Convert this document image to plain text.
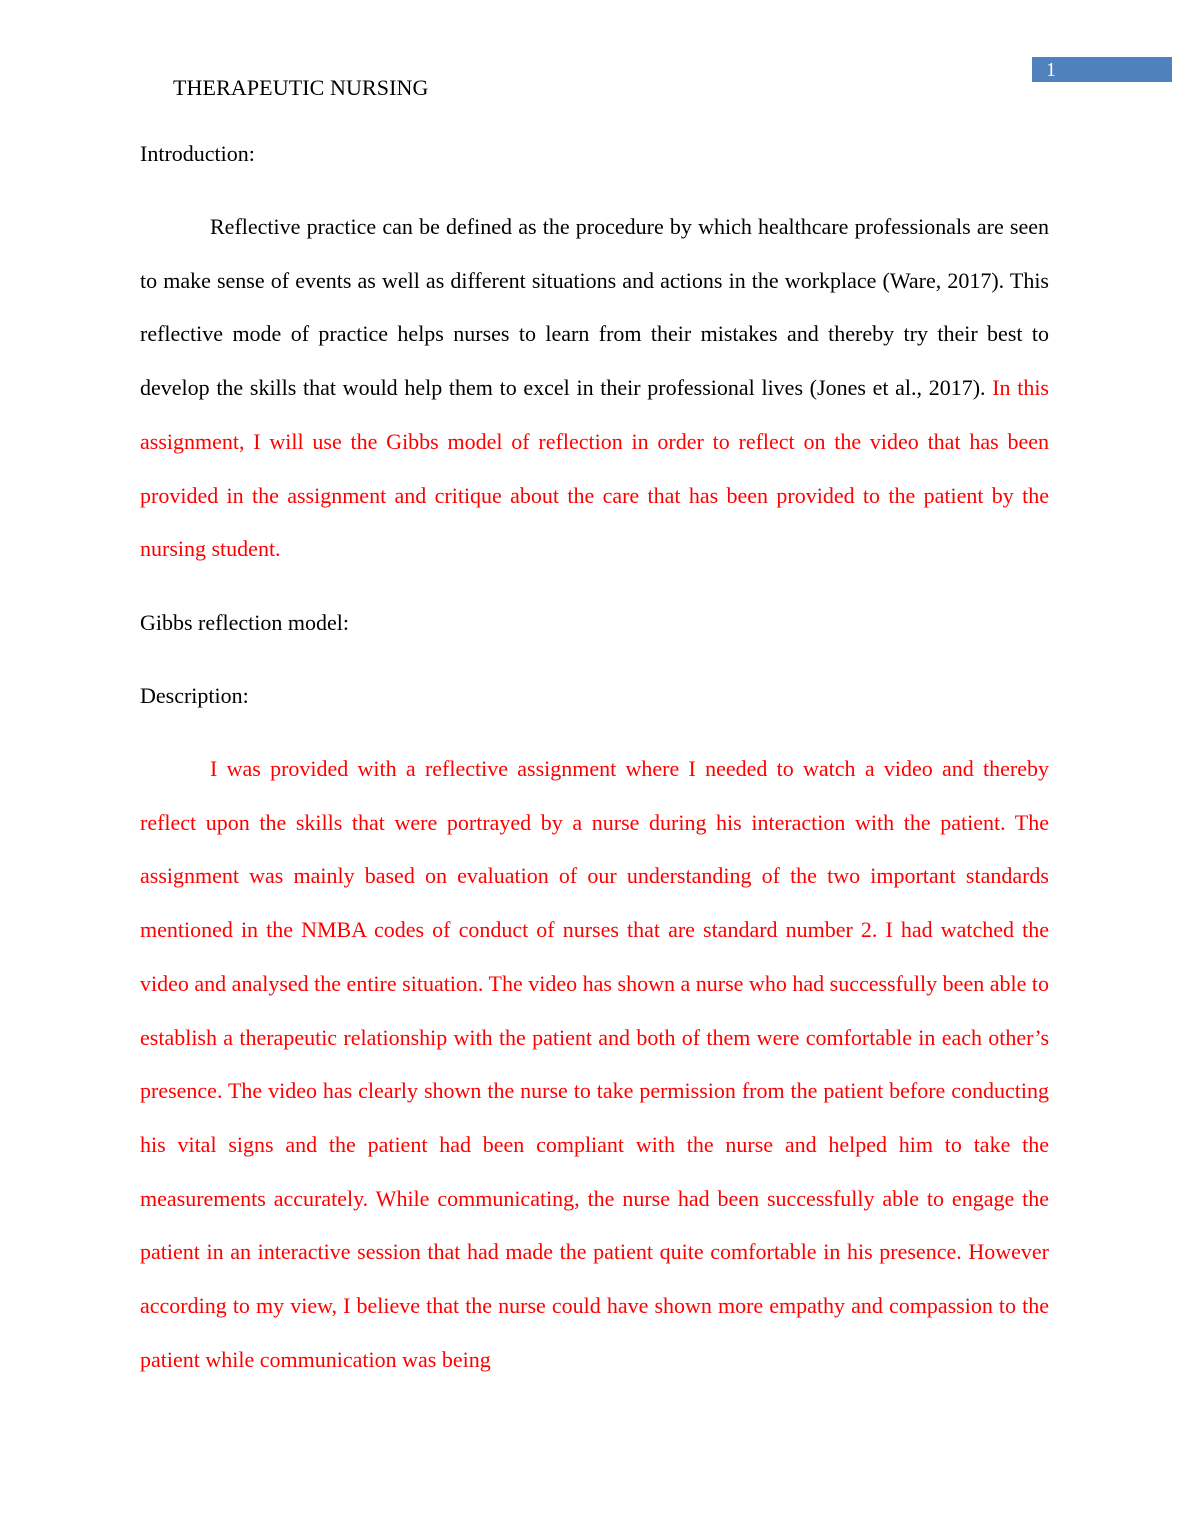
1
THERAPEUTIC NURSING
Introduction:

Reflective practice can be defined as the procedure by which healthcare professionals are seen to make sense of events as well as different situations and actions in the workplace (Ware, 2017). This reflective mode of practice helps nurses to learn from their mistakes and thereby try their best to develop the skills that would help them to excel in their professional lives (Jones et al., 2017). In this assignment, I will use the Gibbs model of reflection in order to reflect on the video that has been provided in the assignment and critique about the care that has been provided to the patient by the nursing student.

Gibbs reflection model:
Description:

I was provided with a reflective assignment where I needed to watch a video and thereby reflect upon the skills that were portrayed by a nurse during his interaction with the patient. The assignment was mainly based on evaluation of our understanding of the two important standards mentioned in the NMBA codes of conduct of nurses that are standard number 2. I had watched the video and analysed the entire situation. The video has shown a nurse who had successfully been able to establish a therapeutic relationship with the patient and both of them were comfortable in each other’s presence. The video has clearly shown the nurse to take permission from the patient before conducting his vital signs and the patient had been compliant with the nurse and helped him to take the measurements accurately. While communicating, the nurse had been successfully able to engage the patient in an interactive session that had made the patient quite comfortable in his presence. However according to my view, I believe that the nurse could have shown more empathy and compassion to the patient while communication was being
